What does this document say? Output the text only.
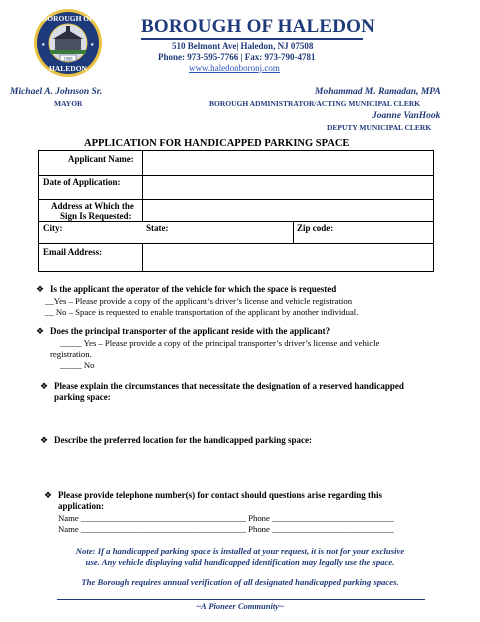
★	★
1908
BOROUGH OF
HALEDON
BOROUGH OF HALEDON
510 Belmont Ave| Haledon, NJ 07508
Phone: 973-595-7766 | Fax: 973-790-4781
www.haledonboronj.com
Michael A. Johnson Sr.
MAYOR
Mohammad M. Ramadan, MPA
BOROUGH ADMINISTRATOR/ACTING MUNICIPAL CLERK
Joanne VanHook
DEPUTY MUNICIPAL CLERK
APPLICATION FOR HANDICAPPED PARKING SPACE
Applicant Name:
Date of Application:
Address at Which the
Sign Is Requested:
City:	State:	Zip code:
Email Address:
❖ Is the applicant the operator of the vehicle for which the space is requested
__Yes – Please provide a copy of the applicant’s driver’s license and vehicle registration
__ No – Space is requested to enable transportation of the applicant by another individual.
❖ Does the principal transporter of the applicant reside with the applicant?
_____ Yes – Please provide a copy of the principal transporter’s driver’s license and vehicle
registration.
_____ No
❖ Please explain the circumstances that necessitate the designation of a reserved handicapped
parking space:
❖ Describe the preferred location for the handicapped parking space:
❖ Please provide telephone number(s) for contact should questions arise regarding this
application:
Name ______________________________________ Phone ____________________________
Name ______________________________________ Phone ____________________________
Note: If a handicapped parking space is installed at your request, it is not for your exclusive
use. Any vehicle displaying valid handicapped identification may legally use the space.
The Borough requires annual verification of all designated handicapped parking spaces.
~A Pioneer Community~
